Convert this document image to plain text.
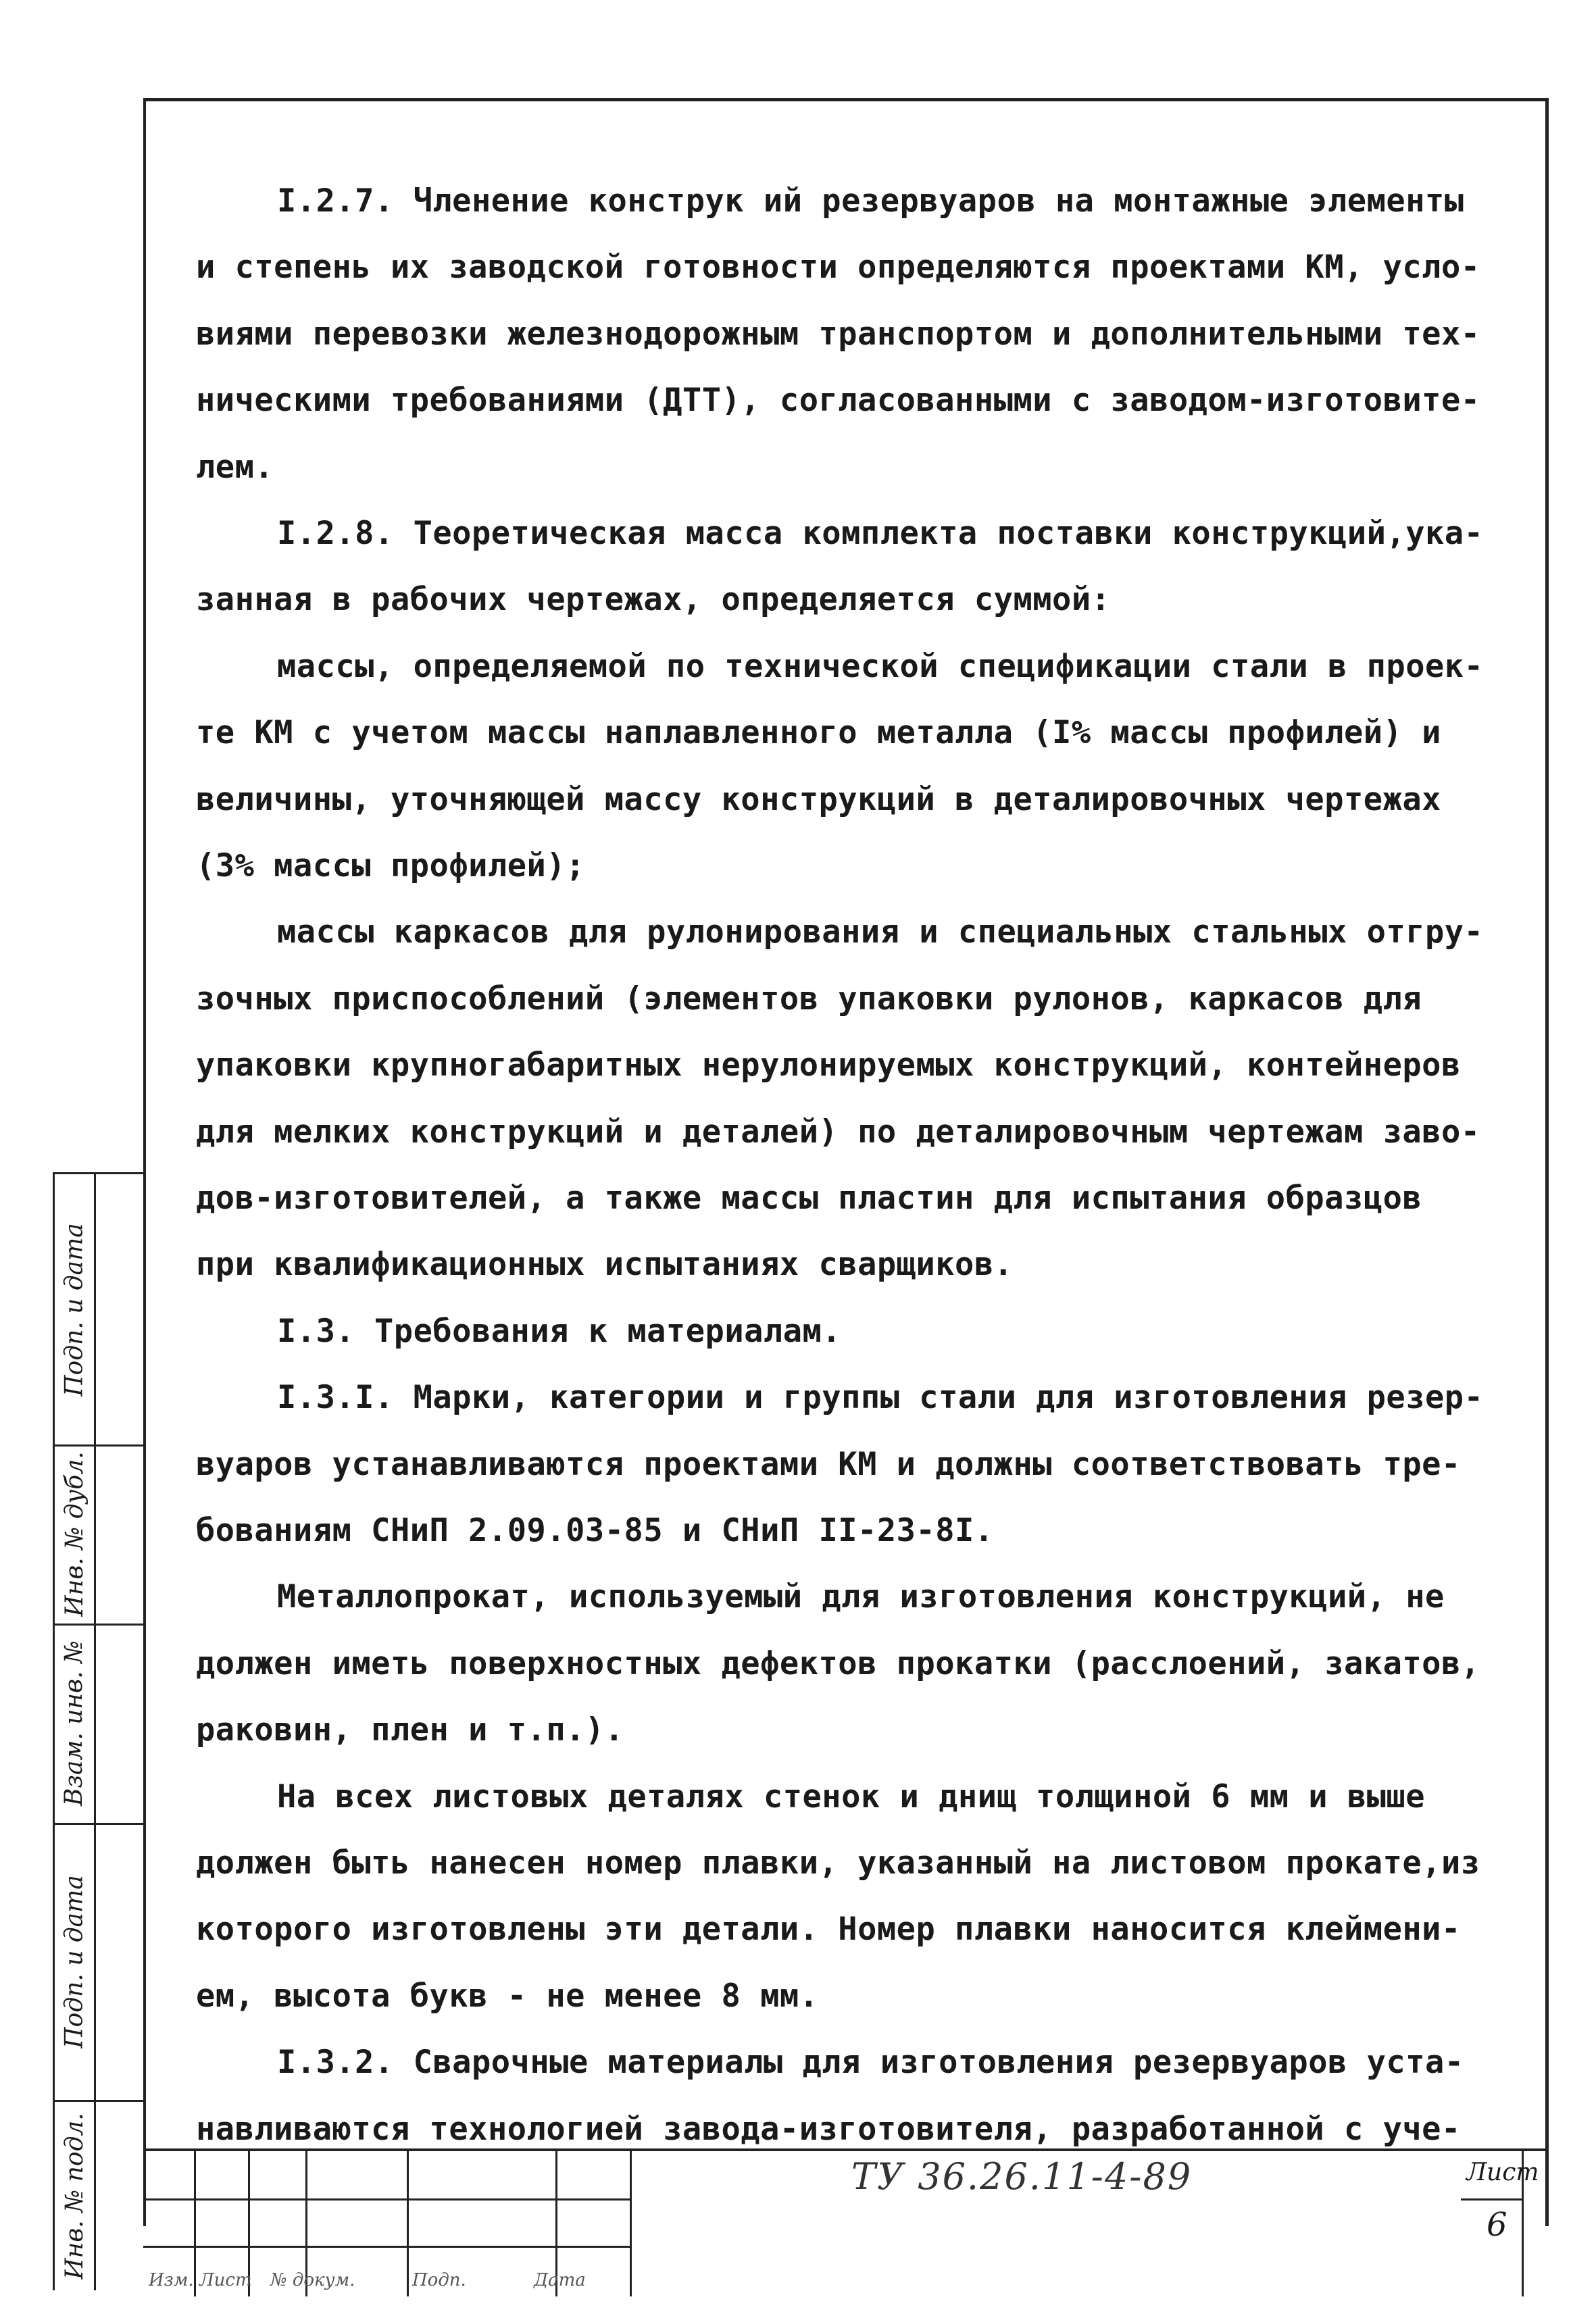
I.2.7. Членение конструк ий резервуаров на монтажные элементы
и степень их заводской готовности определяются проектами КМ, усло-
виями перевозки железнодорожным транспортом и дополнительными тех-
ническими требованиями (ДТТ), согласованными с заводом-изготовите-
лем.
I.2.8. Теоретическая масса комплекта поставки конструкций,ука-
занная в рабочих чертежах, определяется суммой:
массы, определяемой по технической спецификации стали в проек-
те КМ с учетом массы наплавленного металла (I% массы профилей) и
величины, уточняющей массу конструкций в деталировочных чертежах
(3% массы профилей);
массы каркасов для рулонирования и специальных стальных отгру-
зочных приспособлений (элементов упаковки рулонов, каркасов для
упаковки крупногабаритных нерулонируемых конструкций, контейнеров
для мелких конструкций и деталей) по деталировочным чертежам заво-
дов-изготовителей, а также массы пластин для испытания образцов
при квалификационных испытаниях сварщиков.
I.3. Требования к материалам.
I.3.I. Марки, категории и группы стали для изготовления резер-
вуаров устанавливаются проектами КМ и должны соответствовать тре-
бованиям СНиП 2.09.03-85 и СНиП II-23-8I.
Металлопрокат, используемый для изготовления конструкций, не
должен иметь поверхностных дефектов прокатки (расслоений, закатов,
раковин, плен и т.п.).
На всех листовых деталях стенок и днищ толщиной 6 мм и выше
должен быть нанесен номер плавки, указанный на листовом прокате,из
которого изготовлены эти детали. Номер плавки наносится клеймени-
ем, высота букв - не менее 8 мм.
I.3.2. Сварочные материалы для изготовления резервуаров уста-
навливаются технологией завода-изготовителя, разработанной с уче-
Подп. и дата
Инв. № дубл.
Взам. инв. №
Подп. и дата
Инв. № подл.	ТУ 36.26.11-4-89	Лист
6
Изм. Лист № докум.	Подп.	Дата
